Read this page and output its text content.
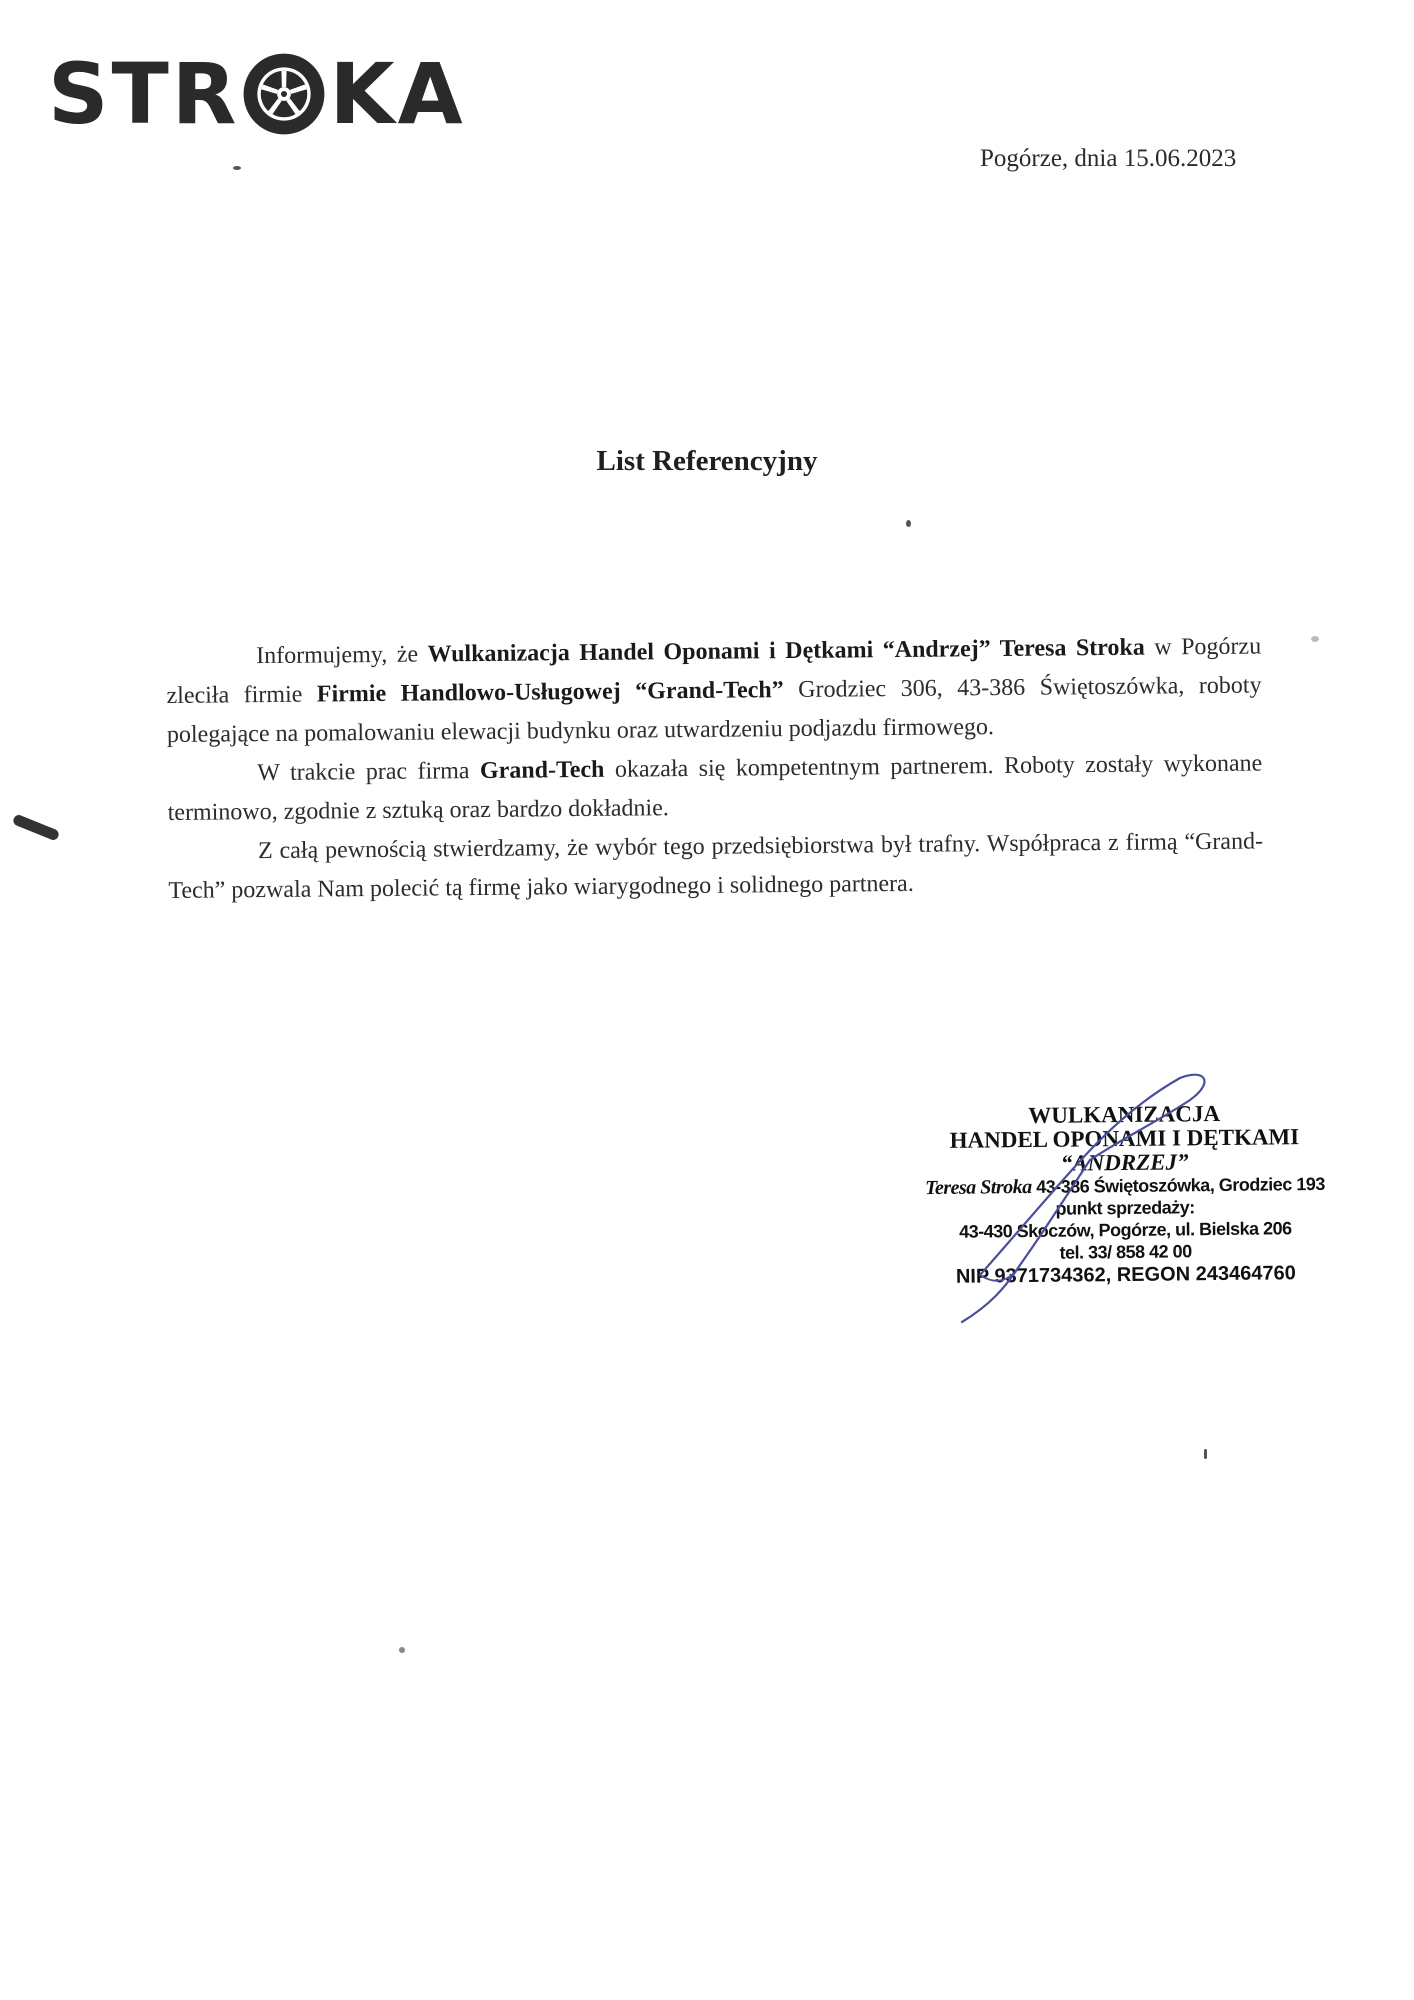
STR KA
Pogórze, dnia 15.06.2023
List Referencyjny

Informujemy, że Wulkanizacja Handel Oponami i Dętkami “Andrzej” Teresa Stroka w Pogórzu zleciła firmie Firmie Handlowo-Usługowej “Grand-Tech” Grodziec 306, 43-386 Świętoszówka, roboty polegające na pomalowaniu elewacji budynku oraz utwardzeniu podjazdu firmowego.

W trakcie prac firma Grand-Tech okazała się kompetentnym partnerem. Roboty zostały wykonane terminowo, zgodnie z sztuką oraz bardzo dokładnie.

Z całą pewnością stwierdzamy, że wybór tego przedsiębiorstwa był trafny. Współpraca z firmą “Grand-Tech” pozwala Nam polecić tą firmę jako wiarygodnego i solidnego partnera.

WULKANIZACJA
HANDEL OPONAMI I DĘTKAMI
“ANDRZEJ”
Teresa Stroka 43-386 Świętoszówka, Grodziec 193
punkt sprzedaży:
43-430 Skoczów, Pogórze, ul. Bielska 206
tel. 33/ 858 42 00
NIP 9371734362, REGON 243464760
